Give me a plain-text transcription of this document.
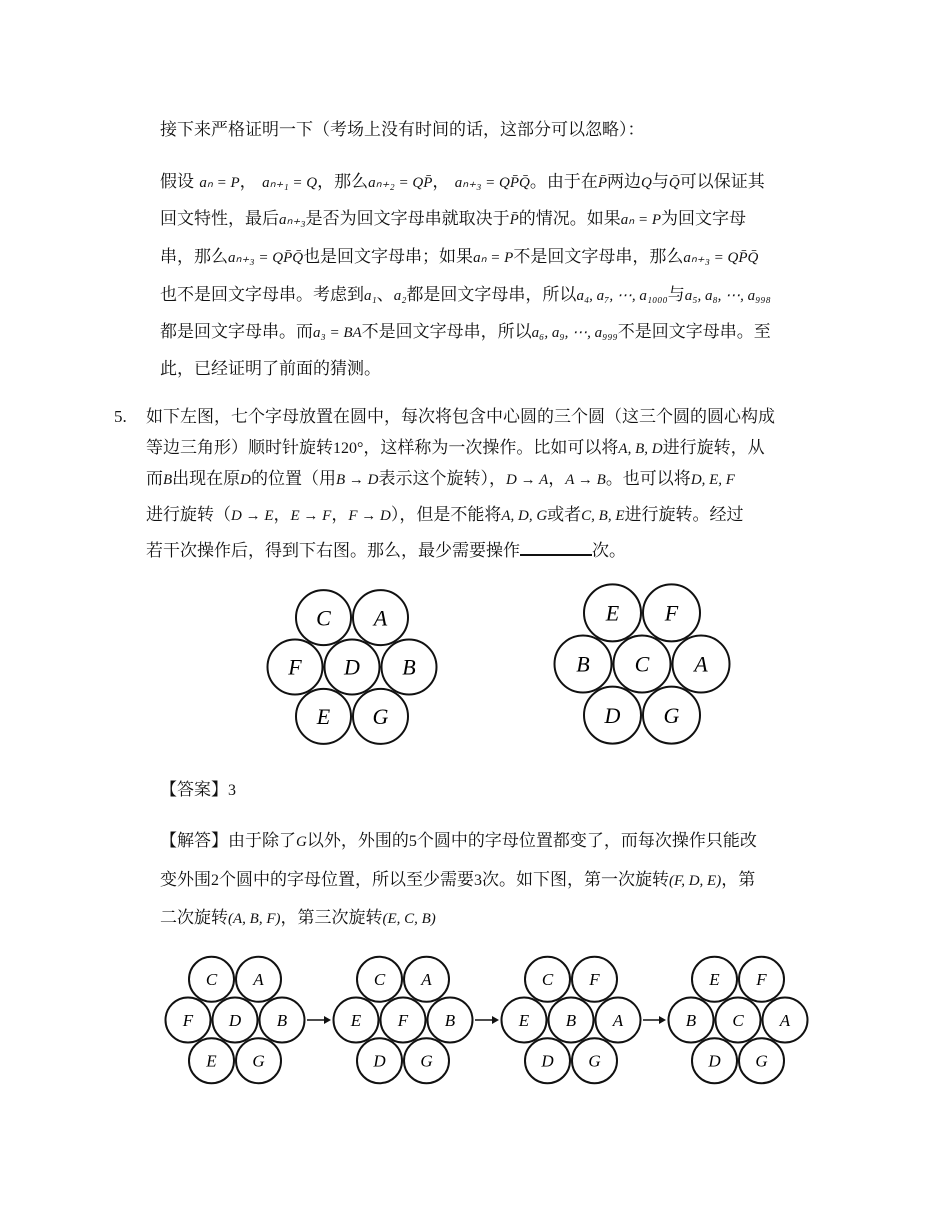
接下来严格证明一下（考场上没有时间的话，这部分可以忽略）：
假设 aₙ = P， aₙ₊₁ = Q，那么aₙ₊₂ = QP̄， aₙ₊₃ = QP̄Q̄。由于在P̄两边Q与Q̄可以保证其
回文特性，最后aₙ₊₃是否为回文字母串就取决于P̄的情况。如果aₙ = P为回文字母
串，那么aₙ₊₃ = QP̄Q̄也是回文字母串；如果aₙ = P不是回文字母串，那么aₙ₊₃ = QP̄Q̄
也不是回文字母串。考虑到a₁、a₂都是回文字母串，所以a₄, a₇, ⋯, a₁₀₀₀与a₅, a₈, ⋯, a₉₉₈
都是回文字母串。而a₃ = BA不是回文字母串，所以a₆, a₉, ⋯, a₉₉₉不是回文字母串。至
此，已经证明了前面的猜测。
5. 如下左图，七个字母放置在圆中，每次将包含中心圆的三个圆（这三个圆的圆心构成
等边三角形）顺时针旋转120°，这样称为一次操作。比如可以将A, B, D进行旋转，从
而B出现在原D的位置（用B → D表示这个旋转），D → A，A → B。也可以将D, E, F
进行旋转（D → E，E → F，F → D），但是不能将A, D, G或者C, B, E进行旋转。经过
若干次操作后，得到下右图。那么，最少需要操作	次。
C A
F D B
E G
E F
B C A
D G
【答案】3
【解答】由于除了G以外，外围的5个圆中的字母位置都变了，而每次操作只能改
变外围2个圆中的字母位置，所以至少需要3次。如下图，第一次旋转(F, D, E)，第
二次旋转(A, B, F)，第三次旋转(E, C, B)
C A
F D B
E G
C A
E F B
D G
C F
E B A
D G
E F
B C A
D G
